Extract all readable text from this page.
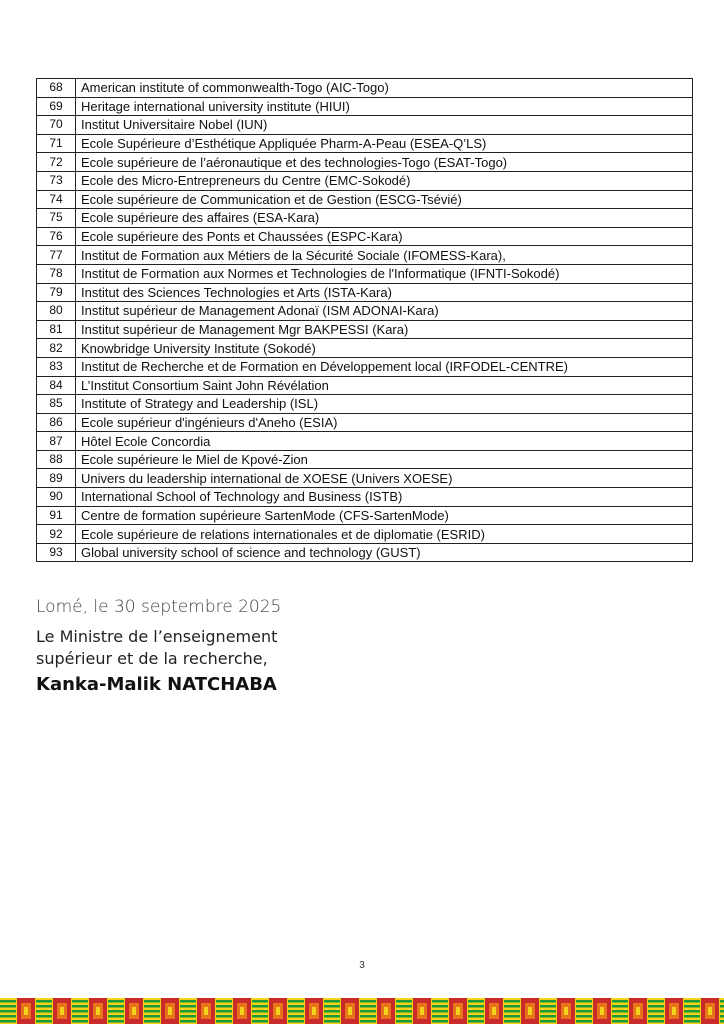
68	American institute of commonwealth-Togo (AIC-Togo)
69	Heritage international university institute (HIUI)
70	Institut Universitaire Nobel (IUN)
71	Ecole Supérieure d’Esthétique Appliquée Pharm-A-Peau (ESEA-Q’LS)
72	Ecole supérieure de l’aéronautique et des technologies-Togo (ESAT-Togo)
73	Ecole des Micro-Entrepreneurs du Centre (EMC-Sokodé)
74	Ecole supérieure de Communication et de Gestion (ESCG-Tsévié)
75	Ecole supérieure des affaires (ESA-Kara)
76	Ecole supérieure des Ponts et Chaussées (ESPC-Kara)
77	Institut de Formation aux Métiers de la Sécurité Sociale (IFOMESS-Kara),
78	Institut de Formation aux Normes et Technologies de l'Informatique (IFNTI-Sokodé)
79	Institut des Sciences Technologies et Arts (ISTA-Kara)
80	Institut supérieur de Management Adonaï (ISM ADONAI-Kara)
81	Institut supérieur de Management Mgr BAKPESSI (Kara)
82	Knowbridge University Institute (Sokodé)
83	Institut de Recherche et de Formation en Développement local (IRFODEL-CENTRE)
84	L’Institut Consortium Saint John Révélation
85	Institute of Strategy and Leadership (ISL)
86	Ecole supérieur d'ingénieurs d'Aneho (ESIA)
87	Hôtel Ecole Concordia
88	Ecole supérieure le Miel de Kpové-Zion
89	Univers du leadership international de XOESE (Univers XOESE)
90	International School of Technology and Business (ISTB)
91	Centre de formation supérieure SartenMode (CFS-SartenMode)
92	Ecole supérieure de relations internationales et de diplomatie (ESRID)
93	Global university school of science and technology (GUST)
Lomé, le 30 septembre 2025
Le Ministre de l’enseignement
supérieur et de la recherche,
Kanka-Malik NATCHABA
3
